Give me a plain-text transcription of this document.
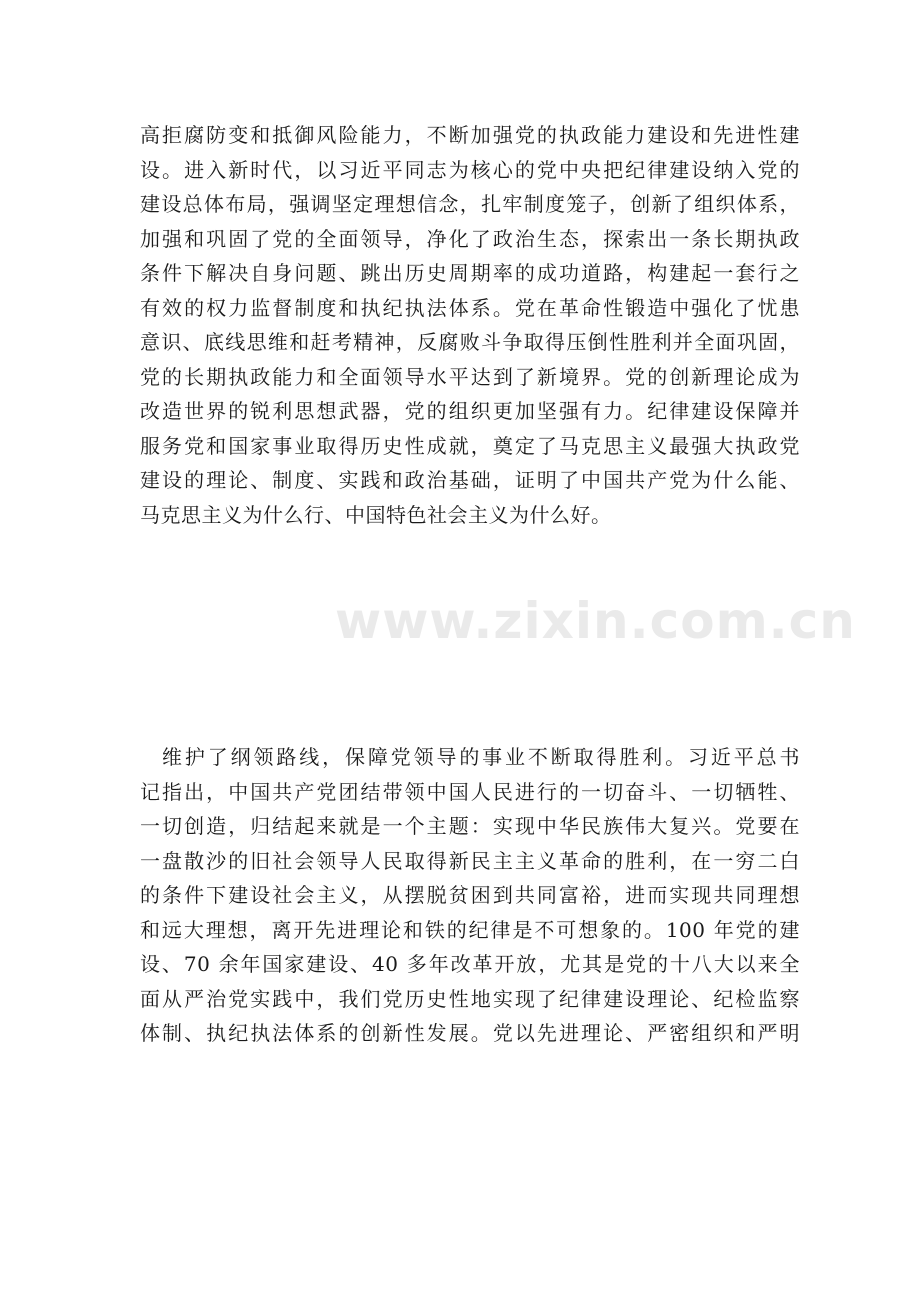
高拒腐防变和抵御风险能力，不断加强党的执政能力建设和先进性建
设。进入新时代，以习近平同志为核心的党中央把纪律建设纳入党的
建设总体布局，强调坚定理想信念，扎牢制度笼子，创新了组织体系，
加强和巩固了党的全面领导，净化了政治生态，探索出一条长期执政
条件下解决自身问题、跳出历史周期率的成功道路，构建起一套行之
有效的权力监督制度和执纪执法体系。党在革命性锻造中强化了忧患
意识、底线思维和赶考精神，反腐败斗争取得压倒性胜利并全面巩固，
党的长期执政能力和全面领导水平达到了新境界。党的创新理论成为
改造世界的锐利思想武器，党的组织更加坚强有力。纪律建设保障并
服务党和国家事业取得历史性成就，奠定了马克思主义最强大执政党
建设的理论、制度、实践和政治基础，证明了中国共产党为什么能、
马克思主义为什么行、中国特色社会主义为什么好。
维护了纲领路线，保障党领导的事业不断取得胜利。习近平总书
记指出，中国共产党团结带领中国人民进行的一切奋斗、一切牺牲、
一切创造，归结起来就是一个主题：实现中华民族伟大复兴。党要在
一盘散沙的旧社会领导人民取得新民主主义革命的胜利，在一穷二白
的条件下建设社会主义，从摆脱贫困到共同富裕，进而实现共同理想
和远大理想，离开先进理论和铁的纪律是不可想象的。100 年党的建
设、70 余年国家建设、40 多年改革开放，尤其是党的十八大以来全
面从严治党实践中，我们党历史性地实现了纪律建设理论、纪检监察
体制、执纪执法体系的创新性发展。党以先进理论、严密组织和严明
www.zixin.com.cn
